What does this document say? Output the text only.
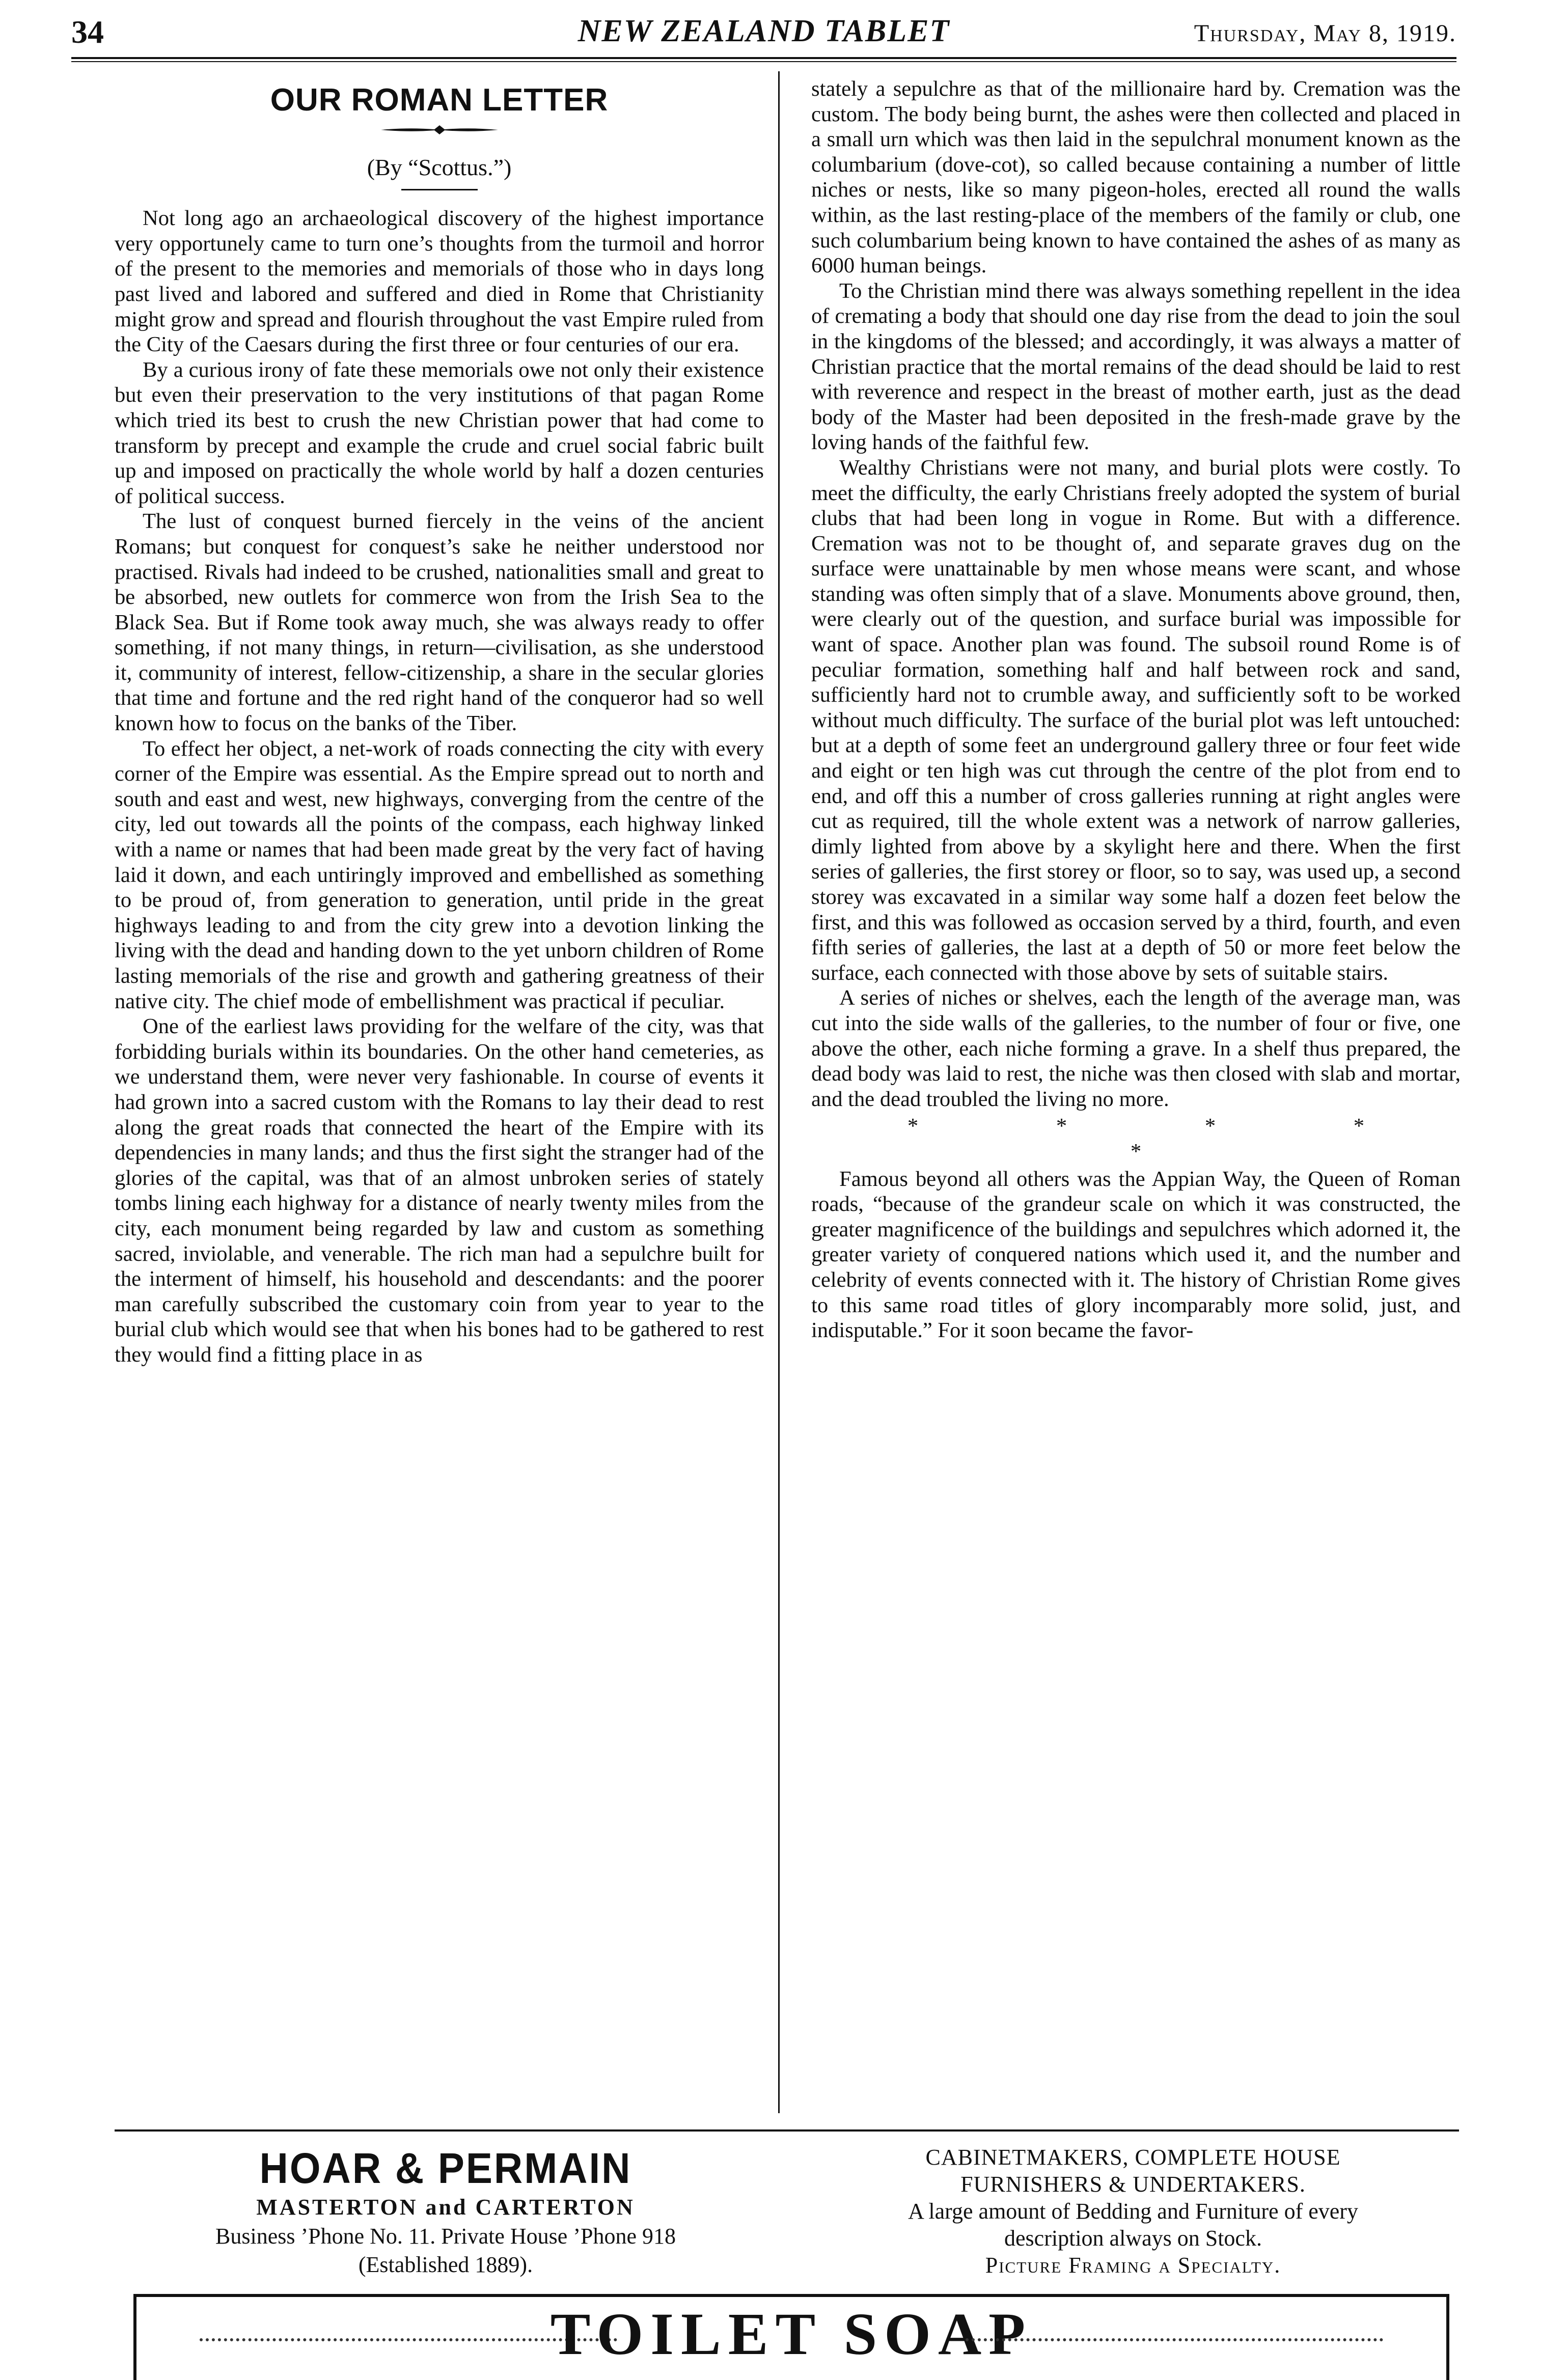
34	NEW ZEALAND TABLET	Thursday, May 8, 1919.
OUR ROMAN LETTER
(By “Scottus.”)

Not long ago an archaeological discovery of the highest importance very opportunely came to turn one’s thoughts from the turmoil and horror of the present to the memories and memorials of those who in days long past lived and labored and suffered and died in Rome that Christianity might grow and spread and flourish throughout the vast Empire ruled from the City of the Caesars during the first three or four centuries of our era.

By a curious irony of fate these memorials owe not only their existence but even their preservation to the very institutions of that pagan Rome which tried its best to crush the new Christian power that had come to transform by precept and example the crude and cruel social fabric built up and imposed on practically the whole world by half a dozen centuries of political success.

The lust of conquest burned fiercely in the veins of the ancient Romans; but conquest for conquest’s sake he neither understood nor practised. Rivals had indeed to be crushed, nationalities small and great to be absorbed, new outlets for commerce won from the Irish Sea to the Black Sea. But if Rome took away much, she was always ready to offer something, if not many things, in return—civilisation, as she understood it, community of interest, fellow-citizenship, a share in the secular glories that time and fortune and the red right hand of the conqueror had so well known how to focus on the banks of the Tiber.

To effect her object, a net-work of roads connecting the city with every corner of the Empire was essential. As the Empire spread out to north and south and east and west, new highways, converging from the centre of the city, led out towards all the points of the compass, each highway linked with a name or names that had been made great by the very fact of having laid it down, and each untiringly improved and embellished as something to be proud of, from generation to generation, until pride in the great highways leading to and from the city grew into a devotion linking the living with the dead and handing down to the yet unborn children of Rome lasting memorials of the rise and growth and gathering greatness of their native city. The chief mode of embellishment was practical if peculiar.

One of the earliest laws providing for the welfare of the city, was that forbidding burials within its boundaries. On the other hand cemeteries, as we understand them, were never very fashionable. In course of events it had grown into a sacred custom with the Romans to lay their dead to rest along the great roads that connected the heart of the Empire with its dependencies in many lands; and thus the first sight the stranger had of the glories of the capital, was that of an almost unbroken series of stately tombs lining each highway for a distance of nearly twenty miles from the city, each monument being regarded by law and custom as something sacred, inviolable, and venerable. The rich man had a sepulchre built for the interment of himself, his household and descendants: and the poorer man carefully subscribed the customary coin from year to year to the burial club which would see that when his bones had to be gathered to rest they would find a fitting place in as

stately a sepulchre as that of the millionaire hard by. Cremation was the custom. The body being burnt, the ashes were then collected and placed in a small urn which was then laid in the sepulchral monument known as the columbarium (dove-cot), so called because containing a number of little niches or nests, like so many pigeon-holes, erected all round the walls within, as the last resting-place of the members of the family or club, one such columbarium being known to have contained the ashes of as many as 6000 human beings.

To the Christian mind there was always something repellent in the idea of cremating a body that should one day rise from the dead to join the soul in the kingdoms of the blessed; and accordingly, it was always a matter of Christian practice that the mortal remains of the dead should be laid to rest with reverence and respect in the breast of mother earth, just as the dead body of the Master had been deposited in the fresh-made grave by the loving hands of the faithful few.

Wealthy Christians were not many, and burial plots were costly. To meet the difficulty, the early Christians freely adopted the system of burial clubs that had been long in vogue in Rome. But with a difference. Cremation was not to be thought of, and separate graves dug on the surface were unattainable by men whose means were scant, and whose standing was often simply that of a slave. Monuments above ground, then, were clearly out of the question, and surface burial was impossible for want of space. Another plan was found. The subsoil round Rome is of peculiar formation, something half and half between rock and sand, sufficiently hard not to crumble away, and sufficiently soft to be worked without much difficulty. The surface of the burial plot was left untouched: but at a depth of some feet an underground gallery three or four feet wide and eight or ten high was cut through the centre of the plot from end to end, and off this a number of cross galleries running at right angles were cut as required, till the whole extent was a network of narrow galleries, dimly lighted from above by a skylight here and there. When the first series of galleries, the first storey or floor, so to say, was used up, a second storey was excavated in a similar way some half a dozen feet below the first, and this was followed as occasion served by a third, fourth, and even fifth series of galleries, the last at a depth of 50 or more feet below the surface, each connected with those above by sets of suitable stairs.

A series of niches or shelves, each the length of the average man, was cut into the side walls of the galleries, to the number of four or five, one above the other, each niche forming a grave. In a shelf thus prepared, the dead body was laid to rest, the niche was then closed with slab and mortar, and the dead troubled the living no more.

* * * * *

Famous beyond all others was the Appian Way, the Queen of Roman roads, “because of the grandeur scale on which it was constructed, the greater magnificence of the buildings and sepulchres which adorned it, the greater variety of conquered nations which used it, and the number and celebrity of events connected with it. The history of Christian Rome gives to this same road titles of glory incomparably more solid, just, and indisputable.” For it soon became the favor-

HOAR & PERMAIN
MASTERTON and CARTERTON
Business ’Phone No. 11. Private House ’Phone 918
(Established 1889).
CABINETMAKERS, COMPLETE HOUSE
FURNISHERS & UNDERTAKERS.
A large amount of Bedding and Furniture of every
description always on Stock.
Picture Framing a Specialty.
TOILET SOAP
